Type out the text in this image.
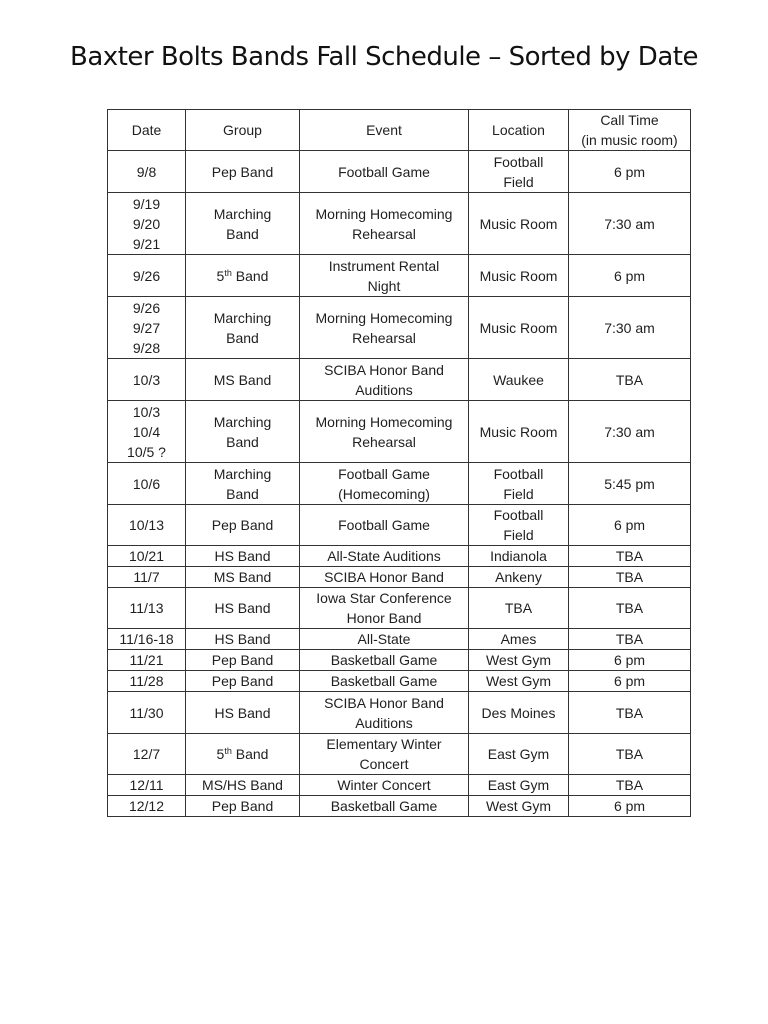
Baxter Bolts Bands Fall Schedule – Sorted by Date
Date	Group	Event	Location	Call Time
(in music room)
9/8	Pep Band	Football Game	Football
Field	6 pm
9/19
9/20
9/21	Marching
Band	Morning Homecoming
Rehearsal	Music Room	7:30 am
9/26	5th Band	Instrument Rental
Night	Music Room	6 pm
9/26
9/27
9/28	Marching
Band	Morning Homecoming
Rehearsal	Music Room	7:30 am
10/3	MS Band	SCIBA Honor Band
Auditions	Waukee	TBA
10/3
10/4
10/5 ?	Marching
Band	Morning Homecoming
Rehearsal	Music Room	7:30 am
10/6	Marching
Band	Football Game
(Homecoming)	Football
Field	5:45 pm
10/13	Pep Band	Football Game	Football
Field	6 pm
10/21	HS Band	All-State Auditions	Indianola	TBA
11/7	MS Band	SCIBA Honor Band	Ankeny	TBA
11/13	HS Band	Iowa Star Conference
Honor Band	TBA	TBA
11/16-18	HS Band	All-State	Ames	TBA
11/21	Pep Band	Basketball Game	West Gym	6 pm
11/28	Pep Band	Basketball Game	West Gym	6 pm
11/30	HS Band	SCIBA Honor Band
Auditions	Des Moines	TBA
12/7	5th Band	Elementary Winter
Concert	East Gym	TBA
12/11	MS/HS Band	Winter Concert	East Gym	TBA
12/12	Pep Band	Basketball Game	West Gym	6 pm
